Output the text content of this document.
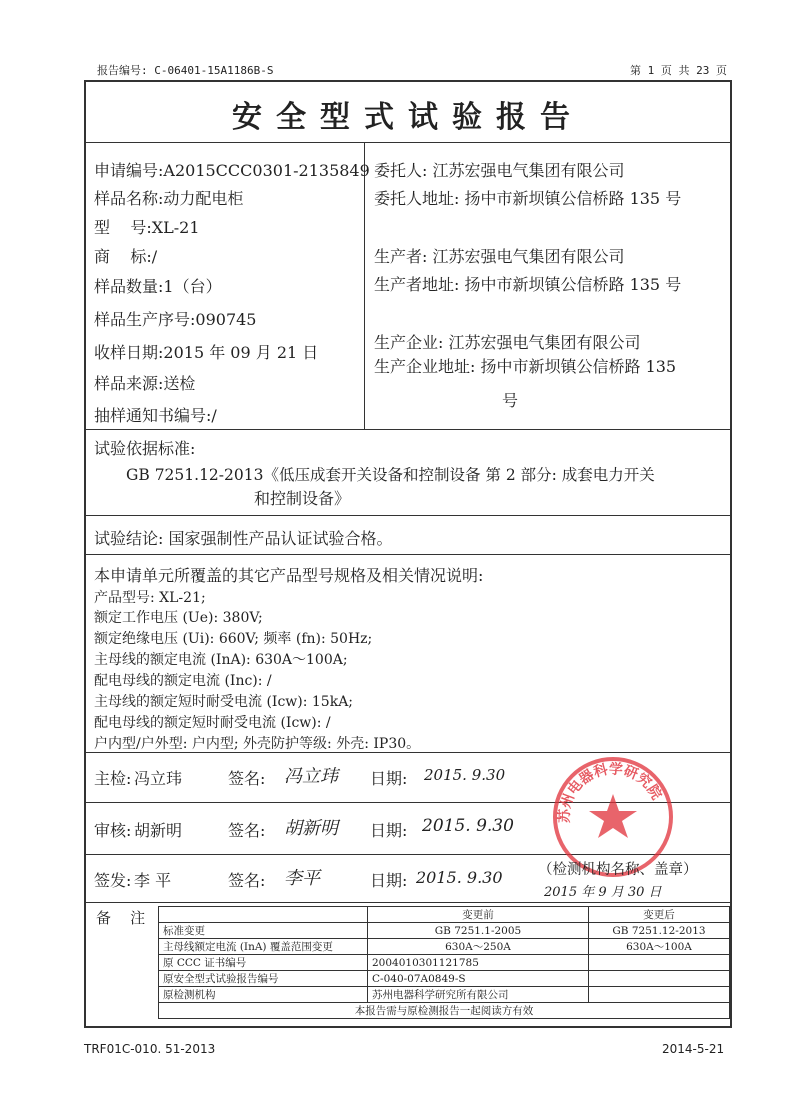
报告编号: C-06401-15A1186B-S	第 1 页 共 23 页
安全型式试验报告
申请编号:A2015CCC0301-2135849
样品名称:动力配电柜
型    号:XL-21
商    标:/
样品数量:1（台）
样品生产序号:090745
收样日期:2015 年 09 月 21 日
样品来源:送检
抽样通知书编号:/
委托人: 江苏宏强电气集团有限公司
委托人地址: 扬中市新坝镇公信桥路 135 号
生产者: 江苏宏强电气集团有限公司
生产者地址: 扬中市新坝镇公信桥路 135 号
生产企业: 江苏宏强电气集团有限公司
生产企业地址: 扬中市新坝镇公信桥路 135
号
试验依据标准:
GB 7251.12-2013《低压成套开关设备和控制设备 第 2 部分: 成套电力开关
和控制设备》
试验结论: 国家强制性产品认证试验合格。
本申请单元所覆盖的其它产品型号规格及相关情况说明:
产品型号: XL-21;
额定工作电压 (Ue): 380V;
额定绝缘电压 (Ui): 660V; 频率 (fn): 50Hz;
主母线的额定电流 (InA): 630A～100A;
配电母线的额定电流 (Inc): /
主母线的额定短时耐受电流 (Icw): 15kA;
配电母线的额定短时耐受电流 (Icw): /
户内型/户外型: 户内型; 外壳防护等级: 外壳: IP30。
主检: 冯立玮	签名: 冯立玮 日期: 2015. 9.30
审核: 胡新明	签名: 胡新明 日期: 2015. 9.30
签发: 李 平	签名: 李平	日期: 2015. 9.30
苏州电器科学研究院
（检测机构名称、盖章）
2015 年 9 月 30 日
备    注
		变更前	变更后
标准变更	GB 7251.1-2005	GB 7251.12-2013
主母线额定电流 (InA) 覆盖范围变更	630A～250A	630A～100A
原 CCC 证书编号	2004010301121785	
原安全型式试验报告编号	C-040-07A0849-S	
原检测机构	苏州电器科学研究所有限公司	
本报告需与原检测报告一起阅读方有效		
TRF01C-010. 51-2013	2014-5-21
